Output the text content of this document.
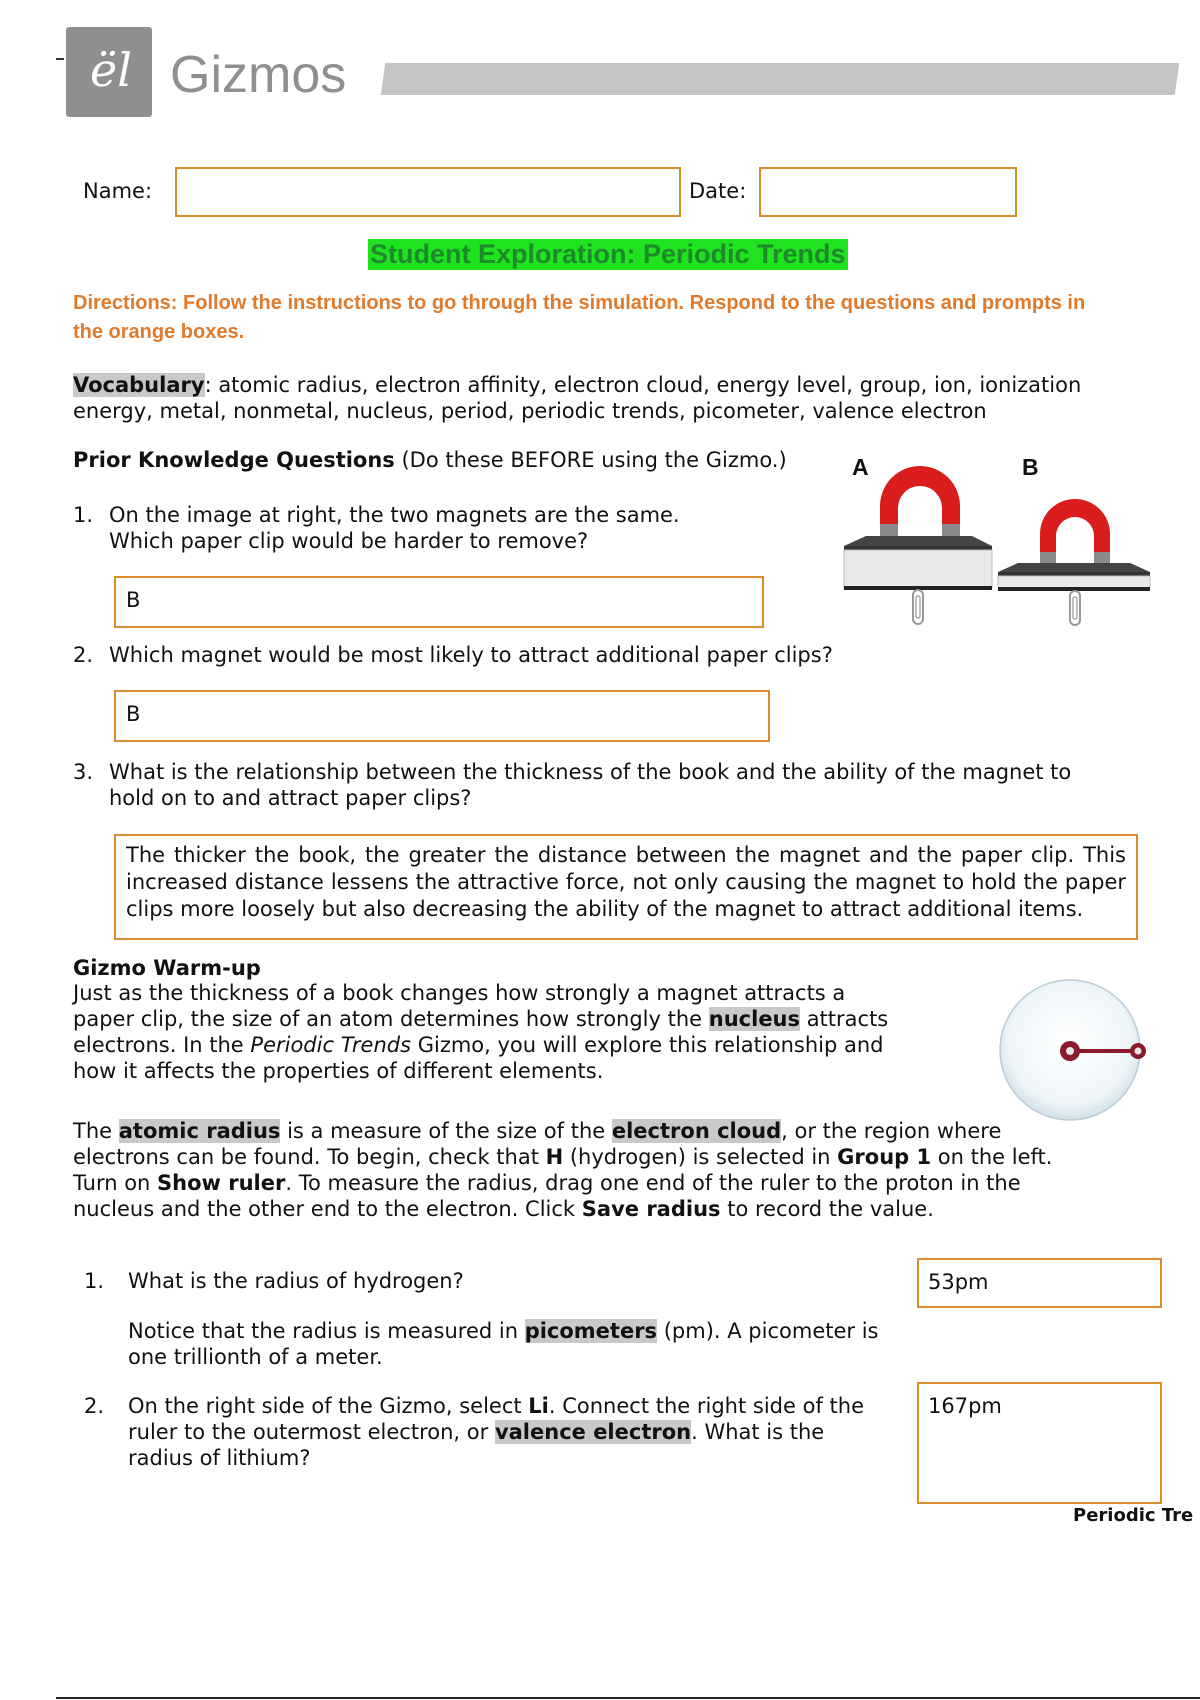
ël Gizmos
Name:	Date:
Student Exploration: Periodic Trends
Directions: Follow the instructions to go through the simulation. Respond to the questions and prompts in the orange boxes.
Vocabulary: atomic radius, electron affinity, electron cloud, energy level, group, ion, ionization energy, metal, nonmetal, nucleus, period, periodic trends, picometer, valence electron
Prior Knowledge Questions (Do these BEFORE using the Gizmo.)	A	B
1. On the image at right, the two magnets are the same.
Which paper clip would be harder to remove?
B
2. Which magnet would be most likely to attract additional paper clips?
B
3. What is the relationship between the thickness of the book and the ability of the magnet to
hold on to and attract paper clips?
The thicker the book, the greater the distance between the magnet and the paper clip. This increased distance lessens the attractive force, not only causing the magnet to hold the paper clips more loosely but also decreasing the ability of the magnet to attract additional items.
Gizmo Warm-up
Just as the thickness of a book changes how strongly a magnet attracts a
paper clip, the size of an atom determines how strongly the nucleus attracts
electrons. In the Periodic Trends Gizmo, you will explore this relationship and
how it affects the properties of different elements.
The atomic radius is a measure of the size of the electron cloud, or the region where
electrons can be found. To begin, check that H (hydrogen) is selected in Group 1 on the left.
Turn on Show ruler. To measure the radius, drag one end of the ruler to the proton in the
nucleus and the other end to the electron. Click Save radius to record the value.
1.	What is the radius of hydrogen?	53pm
Notice that the radius is measured in picometers (pm). A picometer is
one trillionth of a meter.
2.	On the right side of the Gizmo, select Li. Connect the right side of the
ruler to the outermost electron, or valence electron. What is the
radius of lithium?
167pm
Periodic Tre
